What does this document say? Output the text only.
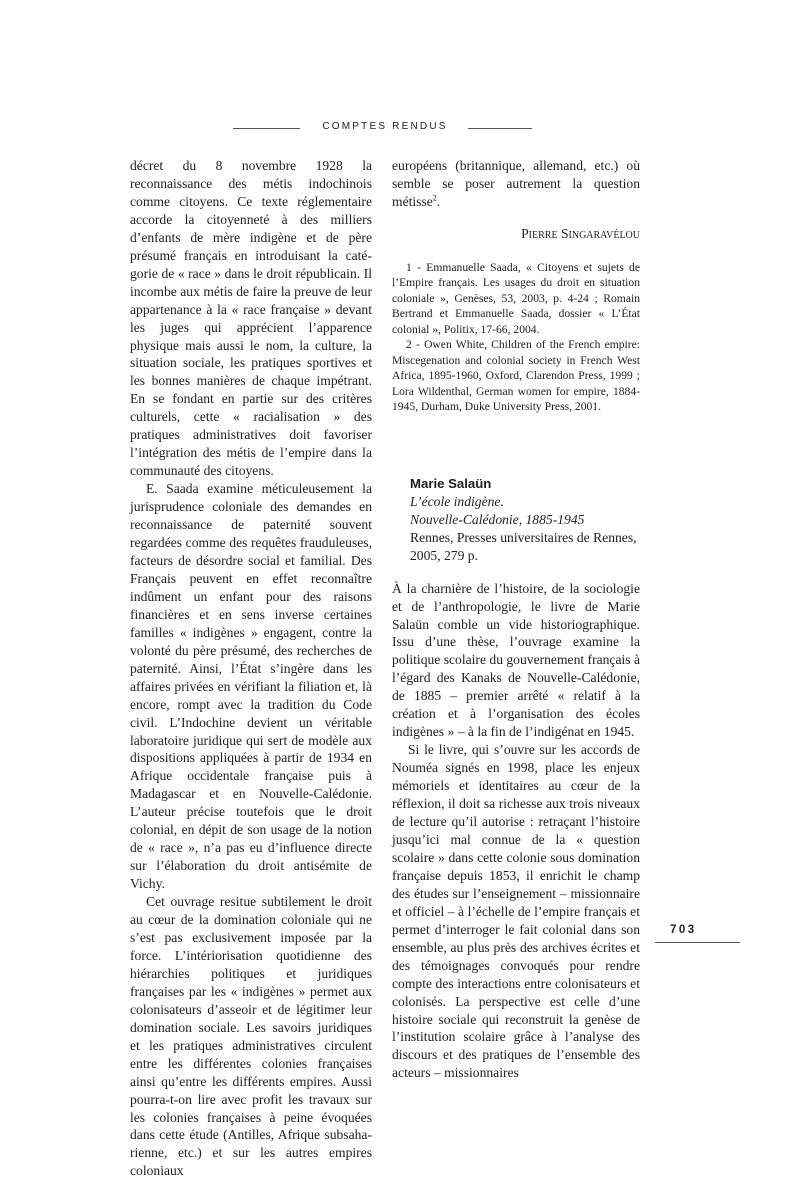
COMPTES RENDUS

décret du 8 novembre 1928 la reconnaissance des métis indochinois comme citoyens. Ce texte réglementaire accorde la citoyenneté à des milliers d’enfants de mère indigène et de père présumé français en introduisant la catégorie de « race » dans le droit républicain. Il incombe aux métis de faire la preuve de leur appartenance à la « race française » devant les juges qui apprécient l’apparence physique mais aussi le nom, la culture, la situation sociale, les pratiques sportives et les bonnes manières de chaque impétrant. En se fondant en partie sur des critères culturels, cette « racialisation » des pratiques administratives doit favoriser l’intégration des métis de l’empire dans la communauté des citoyens.

E. Saada examine méticuleusement la jurisprudence coloniale des demandes en reconnaissance de paternité souvent regardées comme des requêtes frauduleuses, facteurs de désordre social et familial. Des Français peuvent en effet reconnaître indûment un enfant pour des raisons financières et en sens inverse certaines familles « indigènes » engagent, contre la volonté du père présumé, des recherches de paternité. Ainsi, l’État s’ingère dans les affaires privées en vérifiant la filiation et, là encore, rompt avec la tradition du Code civil. L’Indochine devient un véritable laboratoire juridique qui sert de modèle aux dispositions appliquées à partir de 1934 en Afrique occidentale française puis à Madagascar et en Nouvelle-Calédonie. L’auteur précise toutefois que le droit colonial, en dépit de son usage de la notion de « race », n’a pas eu d’influence directe sur l’élaboration du droit antisémite de Vichy.

Cet ouvrage resitue subtilement le droit au cœur de la domination coloniale qui ne s’est pas exclusivement imposée par la force. L’intériorisation quotidienne des hiérarchies politiques et juridiques françaises par les « indigènes » permet aux colonisateurs d’asseoir et de légitimer leur domination sociale. Les savoirs juridiques et les pratiques administratives circulent entre les différentes colonies françaises ainsi qu’entre les différents empires. Aussi pourra-t-on lire avec profit les travaux sur les colonies françaises à peine évoquées dans cette étude (Antilles, Afrique subsaharienne, etc.) et sur les autres empires coloniaux

européens (britannique, allemand, etc.) où semble se poser autrement la question métisse$^2$.

Pierre Singaravélou

1 - Emmanuelle Saada, « Citoyens et sujets de l’Empire français. Les usages du droit en situation coloniale », Genèses, 53, 2003, p. 4-24 ; Romain Bertrand et Emmanuelle Saada, dossier « L’État colonial », Politix, 17-66, 2004.

2 - Owen White, Children of the French empire: Miscegenation and colonial society in French West Africa, 1895-1960, Oxford, Clarendon Press, 1999 ; Lora Wildenthal, German women for empire, 1884-1945, Durham, Duke University Press, 2001.

Marie Salaün
L’école indigène.
Nouvelle-Calédonie, 1885-1945
Rennes, Presses universitaires de Rennes,
2005, 279 p.

À la charnière de l’histoire, de la sociologie et de l’anthropologie, le livre de Marie Salaün comble un vide historiographique. Issu d’une thèse, l’ouvrage examine la politique scolaire du gouvernement français à l’égard des Kanaks de Nouvelle-Calédonie, de 1885 – premier arrêté « relatif à la création et à l’organisation des écoles indigènes » – à la fin de l’indigénat en 1945.

Si le livre, qui s’ouvre sur les accords de Nouméa signés en 1998, place les enjeux mémoriels et identitaires au cœur de la réflexion, il doit sa richesse aux trois niveaux de lecture qu’il autorise : retraçant l’histoire jusqu’ici mal connue de la « question scolaire » dans cette colonie sous domination française depuis 1853, il enrichit le champ des études sur l’enseignement – missionnaire et officiel – à l’échelle de l’empire français et permet d’interroger le fait colonial dans son ensemble, au plus près des archives écrites et des témoignages convoqués pour rendre compte des interactions entre colonisateurs et colonisés. La perspective est celle d’une histoire sociale qui reconstruit la genèse de l’institution scolaire grâce à l’analyse des discours et des pratiques de l’ensemble des acteurs – missionnaires

703
